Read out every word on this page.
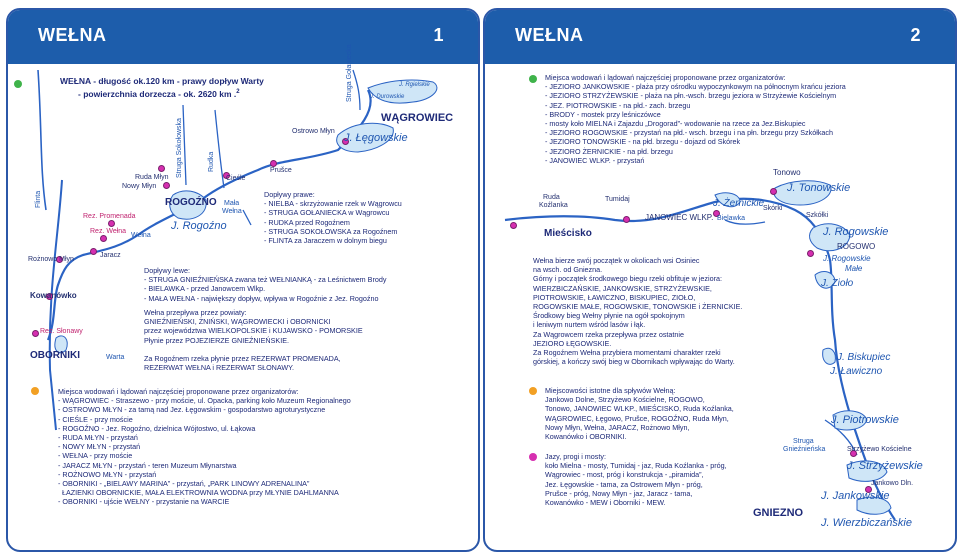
WEŁNA	1
WEŁNA - długość ok.120 km - prawy dopływ Warty
- powierzchnia dorzecza - ok. 2620 km .$^2$	Struga Gołaniecka	J. Rgielskie
J. Durowskie
WĄGROWIEC
Ostrowo Młyn
J. Łęgowskie
Prušce
Ruda Młyn
Nowy Młyn
Struga Sokołowska	Rudka
Cieśle
ROGOŹNO Mała
Wełna
J. Rogoźno
Flinta
Rez. Promenada
Rez. Wełna
Wełna
Rożnowo Młyn
Jaracz
Kowanówko
Rez. Słonawy
OBORNIKI	Warta
Dopływy prawe:
- NIELBA - skrzyżowanie rzek w Wągrowcu
- STRUGA GOŁANIECKA w Wągrowcu
- RUDKA przed Rogoźnem
- STRUGA SOKOŁOWSKA za Rogoźnem
- FLINTA za Jaraczem w dolnym biegu
Dopływy lewe:
- STRUGA GNIEŹNIEŃSKA zwana też WEŁNIANKĄ - za Leśnictwem Brody
- BIELAWKA - przed Janowcem Wlkp.
- MAŁA WEŁNA - największy dopływ, wpływa w Rogoźnie z Jez. Rogoźno
Wełna przepływa przez powiaty:
GNIEŹNIEŃSKI, ŻNIŃSKI, WĄGROWIECKI i OBORNICKI
przez województwa WIELKOPOLSKIE i KUJAWSKO - POMORSKIE
Płynie przez POJEZIERZE GNIEŹNIEŃSKIE.
Za Rogoźnem rzeka płynie przez REZERWAT PROMENADA,
REZERWAT WEŁNA i REZERWAT SŁONAWY.
Miejsca wodowań i lądowań najczęściej proponowane przez organizatorów:
- WĄGROWIEC - Straszewo - przy moście, ul. Opacka, parking koło Muzeum Regionalnego
- OSTROWO MŁYN - za tamą nad Jez. Łęgowskim - gospodarstwo agroturystyczne
- CIEŚLE - przy moście
- ROGOŹNO - Jez. Rogoźno, dzielnica Wójtostwo, ul. Łąkowa
- RUDA MŁYN - przystań
- NOWY MŁYN - przystań
- WEŁNA - przy moście
- JARACZ MŁYN - przystań - teren Muzeum Młynarstwa
- ROŻNOWO MŁYN - przystań
- OBORNIKI - „BIELAWY MARINA” - przystań, „PARK LINOWY ADRENALINA”
ŁAZIENKI OBORNICKIE, MAŁA ELEKTROWNIA WODNA przy MŁYNIE DAHLMANNA
- OBORNIKI - ujście WEŁNY - przystanie na WARCIE
WEŁNA	2
Miejsca wodowań i lądowań najczęściej proponowane przez organizatorów:
- JEZIORO JANKOWSKIE - plaża przy ośrodku wypoczynkowym na północnym krańcu jeziora
- JEZIORO STRZYŻEWSKIE - plaża na płn.-wsch. brzegu jeziora w Strzyżewie Kościelnym
- JEZ. PIOTROWSKIE - na płd.- zach. brzegu
- BRODY - mostek przy leśniczówce
- mosty koło MIELNA i Zajazdu „Drogorad”- wodowanie na rzece za Jez.Biskupiec
- JEZIORO ROGOWSKIE - przystań na płd.- wsch. brzegu i na płn. brzegu przy Szkółkach
- JEZIORO TONOWSKIE - na płd. brzegu - dojazd od Skórek
- JEZIORO ŻERNICKIE - na płd. brzegu
- JANOWIEC WLKP. - przystań
Tonowo
J. Tonowskie
Ruda
Koźlanka
Tumidaj	J. Żernickie
JANOWIEC WLKP. Bielawka
Skórki
Szkółki
Mieściskо	J. Rogowskie
ROGOWO
J. Rogowskie
Małe
J. Zioło
Wełna bierze swój początek w okolicach wsi Osiniec
na wsch. od Gniezna.
Górny i początek środkowego biegu rzeki obfituje w jeziora:
WIERZBICZAŃSKIE, JANKOWSKIE, STRZYŻEWSKIE,
PIOTROWSKIE, ŁAWICZNO, BISKUPIEC, ZIOŁO,
ROGOWSKIE MAŁE, ROGOWSKIE, TONOWSKIE i ŻERNICKIE.
Środkowy bieg Wełny płynie na ogół spokojnym
i leniwym nurtem wśród lasów i łąk.
Za Wągrowcem rzeka przepływa przez ostatnie
JEZIORO ŁĘGOWSKIE.
Za Rogoźnem Wełna przybiera momentami charakter rzeki
górskiej, a kończy swój bieg w Obornikach wpływając do Warty.	J. Biskupiec
J. Ławiczno
Miejscowości istotne dla spływów Wełną:
Jankowo Dolne, Strzyżewo Kościelne, ROGOWO,
Tonowo, JANOWIEC WLKP., MIEŚCISKO, Ruda Koźlanka,
WĄGROWIEC, Łęgowo, Prušce, ROGOŹNO, Ruda Młyn,
Nowy Młyn, Wełna, JARACZ, Rożnowo Młyn,
Kowanówko i OBORNIKI.
J. Piotrowskie
Struga
Gnieźnieńska	Strzyżewo Kościelne
J. Strzyżewskie
Jankowo Dln.
Jazy, progi i mosty:
koło Mielna - mosty, Tumidaj - jaz, Ruda Koźlanka - próg,
Wągrowiec - most, próg i konstrukcja - „piramida”,
Jez. Łęgowskie - tama, za Ostrowem Młyn - próg,
Prušce - próg, Nowy Młyn - jaz, Jaracz - tama,
Kowanówko - MEW i Oborniki - MEW.
J. Jankowskie
GNIEZNO
J. Wierzbiczańskie
